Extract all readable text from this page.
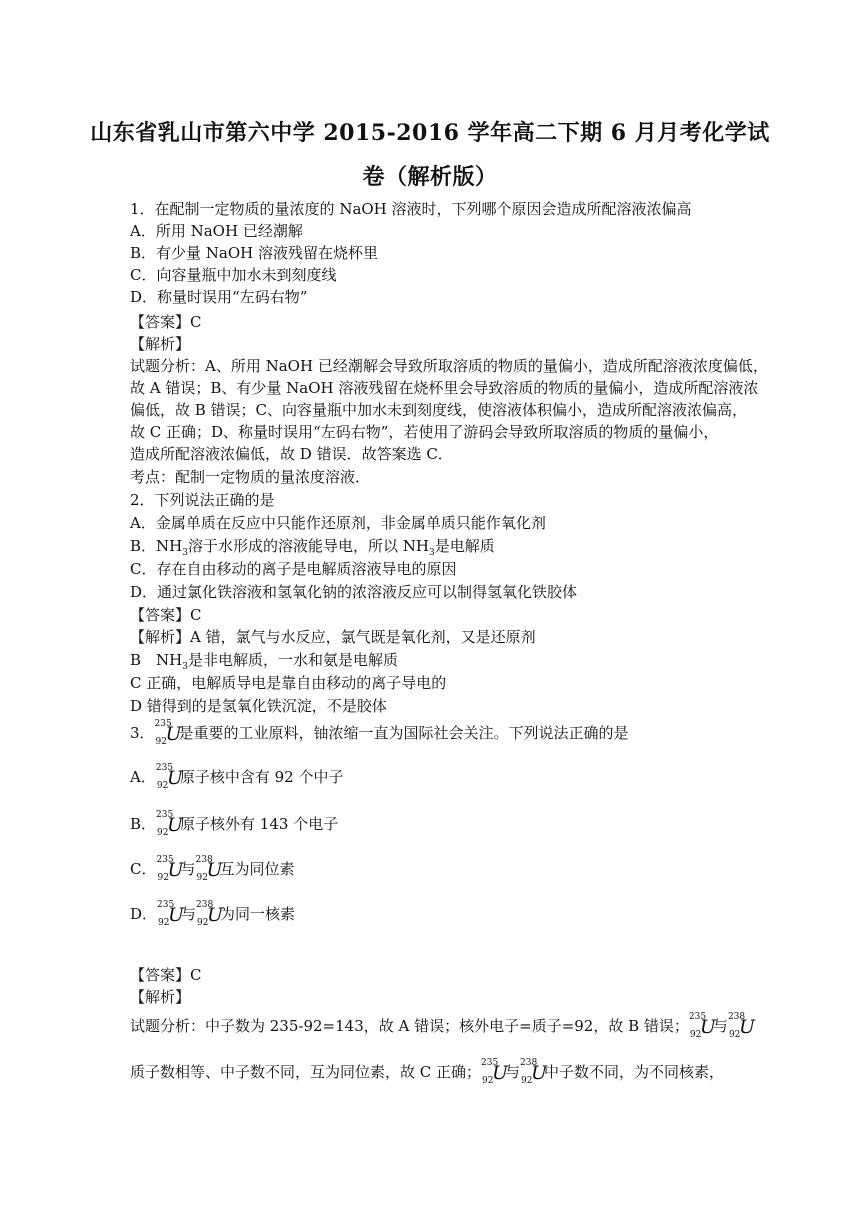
山东省乳山市第六中学 2015-2016 学年高二下期 6 月月考化学试
卷（解析版）
1．在配制一定物质的量浓度的 NaOH 溶液时，下列哪个原因会造成所配溶液浓偏高
A．所用 NaOH 已经潮解
B．有少量 NaOH 溶液残留在烧杯里
C．向容量瓶中加水未到刻度线
D．称量时误用“左码右物”
【答案】C
【解析】
试题分析：A、所用 NaOH 已经潮解会导致所取溶质的物质的量偏小，造成所配溶液浓度偏低，
故 A 错误；B、有少量 NaOH 溶液残留在烧杯里会导致溶质的物质的量偏小，造成所配溶液浓
偏低，故 B 错误；C、向容量瓶中加水未到刻度线，使溶液体积偏小，造成所配溶液浓偏高，
故 C 正确；D、称量时误用“左码右物”，若使用了游码会导致所取溶质的物质的量偏小，
造成所配溶液浓偏低，故 D 错误．故答案选 C．
考点：配制一定物质的量浓度溶液．
2．下列说法正确的是
A．金属单质在反应中只能作还原剂，非金属单质只能作氧化剂
B．$NH_3$溶于水形成的溶液能导电，所以 $NH_3$是电解质
C．存在自由移动的离子是电解质溶液导电的原因
D．通过氯化铁溶液和氢氧化钠的浓溶液反应可以制得氢氧化铁胶体
【答案】C
【解析】A 错，氯气与水反应，氯气既是氧化剂，又是还原剂
B　$NH_3$是非电解质，一水和氨是电解质
C 正确，电解质导电是靠自由移动的离子导电的
D 错得到的是氢氧化铁沉淀，不是胶体
3． 235
92
U
是重要的工业原料，铀浓缩一直为国际社会关注。下列说法正确的是
A． 235
92
U
原子核中含有 92 个中子
B． 235
92
U
原子核外有 143 个电子
C． 235
92
U
与 238
92
U
互为同位素
D． 235
92
U
与 238
92
U
为同一核素
【答案】C
【解析】
试题分析：中子数为 235-92=143，故 A 错误；核外电子=质子=92，故 B 错误； 235
92
U
与 238
92
U
质子数相等、中子数不同，互为同位素，故 C 正确； 235
92
U
与 238
92
U
中子数不同，为不同核素，
